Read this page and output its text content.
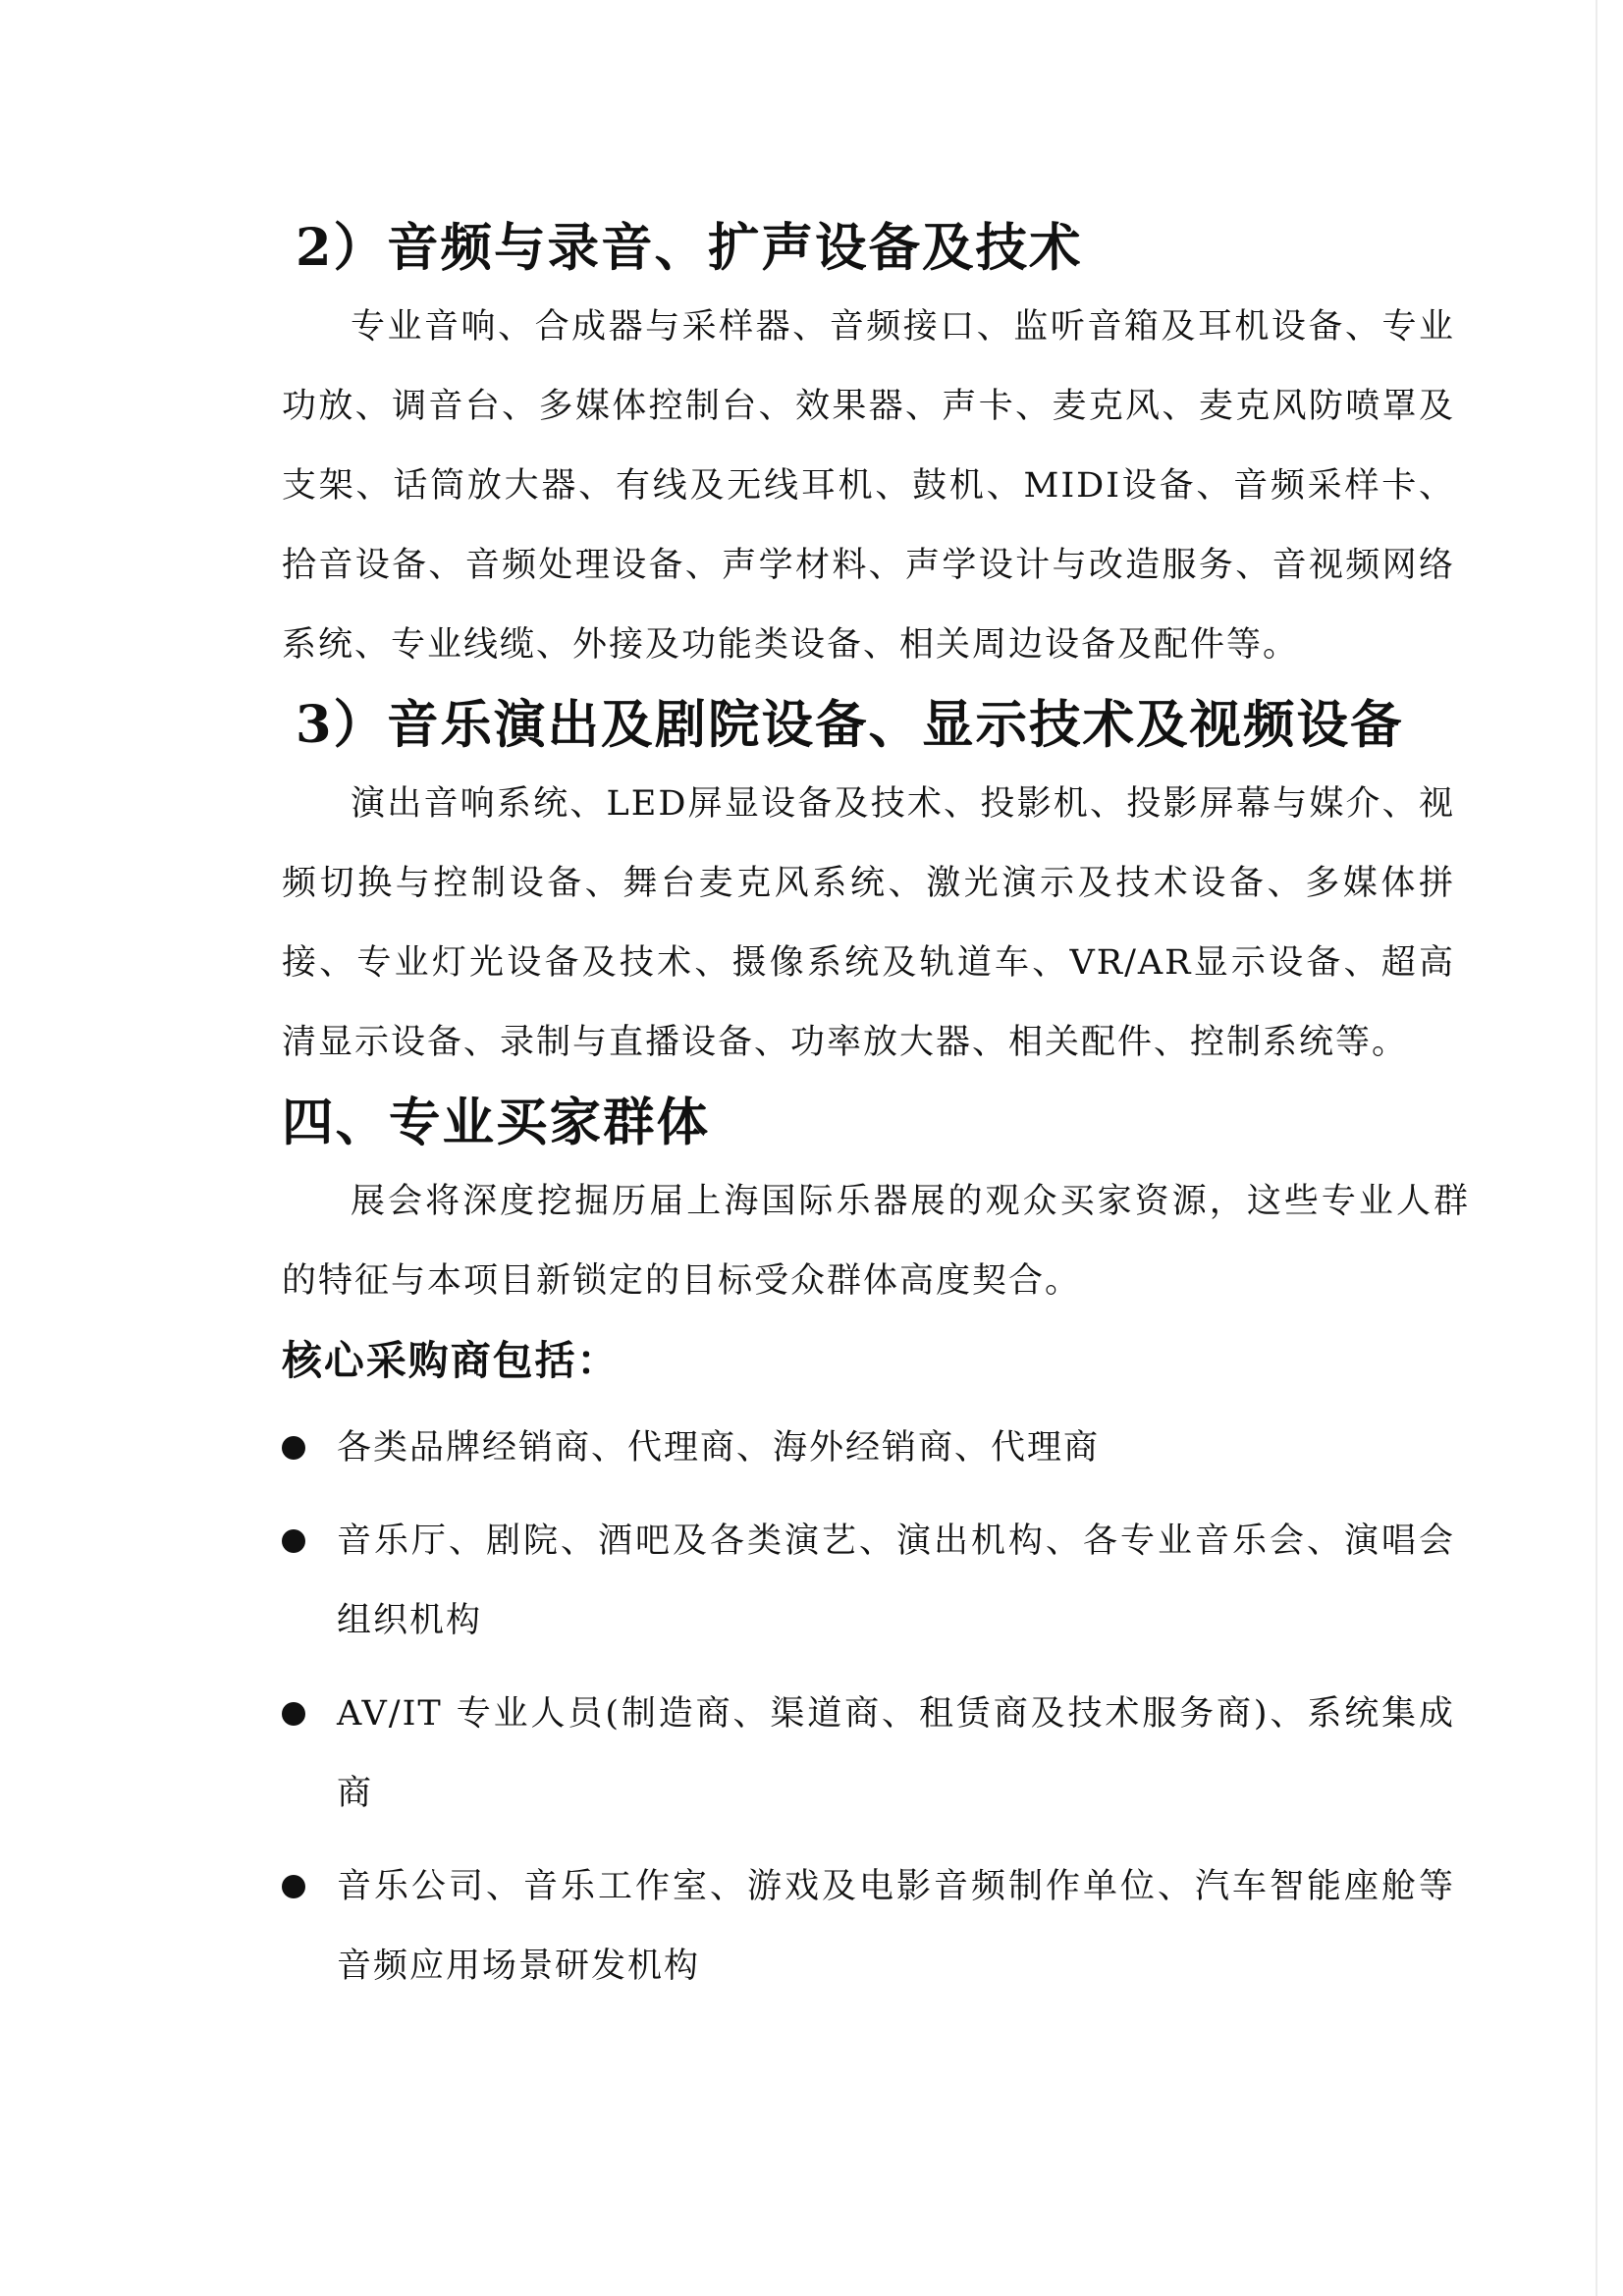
2）音频与录音、扩声设备及技术

专业音响、合成器与采样器、音频接口、监听音箱及耳机设备、专业功放、调音台、多媒体控制台、效果器、声卡、麦克风、麦克风防喷罩及支架、话筒放大器、有线及无线耳机、鼓机、MIDI设备、音频采样卡、拾音设备、音频处理设备、声学材料、声学设计与改造服务、音视频网络系统、专业线缆、外接及功能类设备、相关周边设备及配件等。

3）音乐演出及剧院设备、显示技术及视频设备

演出音响系统、LED屏显设备及技术、投影机、投影屏幕与媒介、视频切换与控制设备、舞台麦克风系统、激光演示及技术设备、多媒体拼接、专业灯光设备及技术、摄像系统及轨道车、VR/AR显示设备、超高清显示设备、录制与直播设备、功率放大器、相关配件、控制系统等。

四、专业买家群体

展会将深度挖掘历届上海国际乐器展的观众买家资源，这些专业人群的特征与本项目新锁定的目标受众群体高度契合。

核心采购商包括：
各类品牌经销商、代理商、海外经销商、代理商
音乐厅、剧院、酒吧及各类演艺、演出机构、各专业音乐会、演唱会组织机构
AV/IT 专业人员(制造商、渠道商、租赁商及技术服务商)、系统集成商
音乐公司、音乐工作室、游戏及电影音频制作单位、汽车智能座舱等音频应用场景研发机构
